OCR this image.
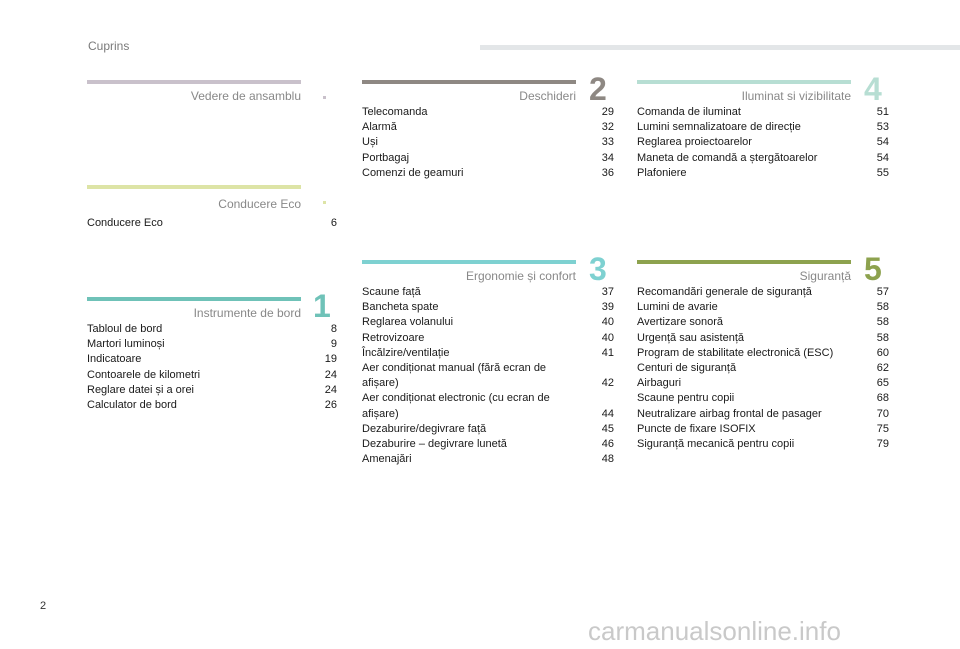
Cuprins
Vedere de ansamblu
Conducere Eco
Conducere Eco	6
Instrumente de bord
Tabloul de bord	8
Martori luminoși	9
Indicatoare	19
Contoarele de kilometri	24
Reglare datei și a orei	24
Calculator de bord	26
1
Deschideri
Telecomanda	29
Alarmă	32
Uși	33
Portbagaj	34
Comenzi de geamuri	36
2
Ergonomie și confort
Scaune față	37
Bancheta spate	39
Reglarea volanului	40
Retrovizoare	40
Încălzire/ventilație	41
Aer condiționat manual (fără ecran de afișare)	42
Aer condiționat electronic (cu ecran de afișare)	44
Dezaburire/degivrare față	45
Dezaburire – degivrare lunetă	46
Amenajări	48
3
Iluminat si vizibilitate
Comanda de iluminat	51
Lumini semnalizatoare de direcție	53
Reglarea proiectoarelor	54
Maneta de comandă a ștergătoarelor	54
Plafoniere	55
4
Siguranță
Recomandări generale de siguranță	57
Lumini de avarie	58
Avertizare sonoră	58
Urgență sau asistență	58
Program de stabilitate electronică (ESC)	60
Centuri de siguranță	62
Airbaguri	65
Scaune pentru copii	68
Neutralizare airbag frontal de pasager	70
Puncte de fixare ISOFIX	75
Siguranță mecanică pentru copii	79
5
2
carmanualsonline.info
